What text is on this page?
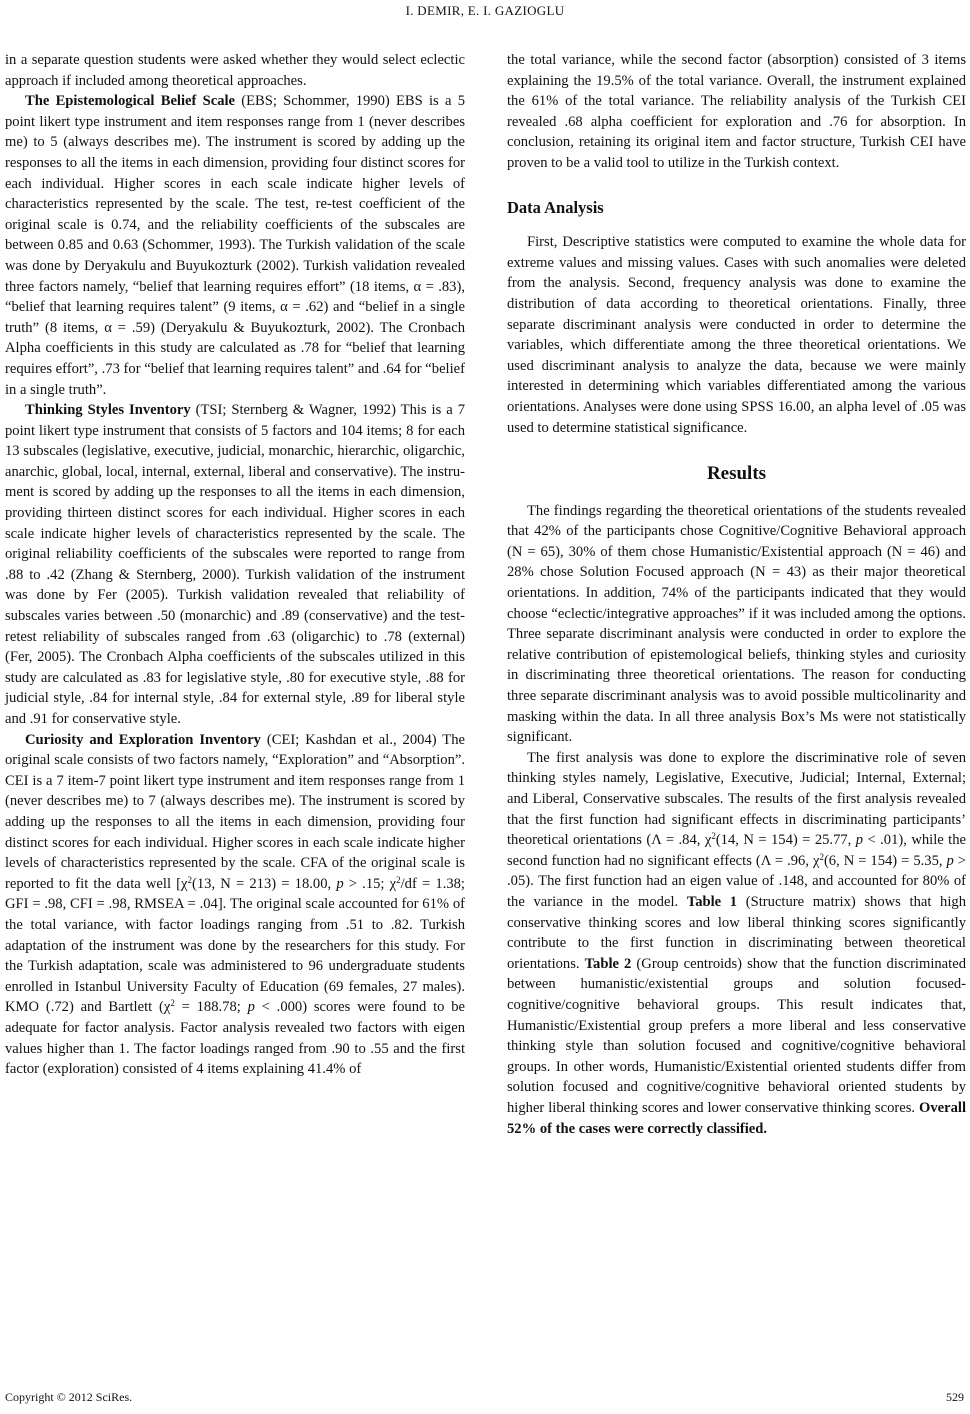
I. DEMIR, E. I. GAZIOGLU

in a separate question students were asked whether they would select eclectic approach if included among theoretical approaches.

The Epistemological Belief Scale (EBS; Schommer, 1990) EBS is a 5 point likert type instrument and item responses range from 1 (never describes me) to 5 (always describes me). The instrument is scored by adding up the responses to all the items in each dimension, providing four distinct scores for each individual. Higher scores in each scale indicate higher levels of characteristics represented by the scale. The test, re-test coefficient of the original scale is 0.74, and the reliability coefficients of the subscales are between 0.85 and 0.63 (Schommer, 1993). The Turkish validation of the scale was done by Deryakulu and Buyukozturk (2002). Turkish validation revealed three factors namely, “belief that learning requires effort” (18 items, α = .83), “belief that learning requires talent” (9 items, α = .62) and “belief in a single truth” (8 items, α = .59) (Deryakulu & Buyukozturk, 2002). The Cronbach Alpha coefficients in this study are calculated as .78 for “belief that learning requires effort”, .73 for “belief that learning requires talent” and .64 for “belief in a single truth”.

Thinking Styles Inventory (TSI; Sternberg & Wagner, 1992) This is a 7 point likert type instrument that consists of 5 factors and 104 items; 8 for each 13 subscales (legislative, executive, judicial, monarchic, hierarchic, oligarchic, anarchic, global, local, internal, external, liberal and conservative). The instrument is scored by adding up the responses to all the items in each dimension, providing thirteen distinct scores for each individual. Higher scores in each scale indicate higher levels of characteristics represented by the scale. The original reliability coefficients of the subscales were reported to range from .88 to .42 (Zhang & Sternberg, 2000). Turkish validation of the instrument was done by Fer (2005). Turkish validation revealed that reliability of subscales varies between .50 (monarchic) and .89 (conservative) and the test-retest reliability of subscales ranged from .63 (oligarchic) to .78 (external) (Fer, 2005). The Cronbach Alpha coefficients of the subscales utilized in this study are calculated as .83 for legislative style, .80 for executive style, .88 for judicial style, .84 for internal style, .84 for external style, .89 for liberal style and .91 for conservative style.

Curiosity and Exploration Inventory (CEI; Kashdan et al., 2004) The original scale consists of two factors namely, “Exploration” and “Absorption”. CEI is a 7 item-7 point likert type instrument and item responses range from 1 (never describes me) to 7 (always describes me). The instrument is scored by adding up the responses to all the items in each dimension, providing four distinct scores for each individual. Higher scores in each scale indicate higher levels of characteristics represented by the scale. CFA of the original scale is reported to fit the data well [$\chi^2(13$, N = 213) = 18.00, p > .15; $\chi^2/df = 1.38$; GFI = .98, CFI = .98, RMSEA = .04]. The original scale accounted for 61% of the total variance, with factor loadings ranging from .51 to .82. Turkish adaptation of the instrument was done by the researchers for this study. For the Turkish adaptation, scale was administered to 96 undergraduate students enrolled in Istanbul University Faculty of Education (69 females, 27 males). KMO (.72) and Bartlett ($\chi^2 = 188.78$; p < .000) scores were found to be adequate for factor analysis. Factor analysis revealed two factors with eigen values higher than 1. The factor loadings ranged from .90 to .55 and the first factor (exploration) consisted of 4 items explaining 41.4% of

the total variance, while the second factor (absorption) consisted of 3 items explaining the 19.5% of the total variance. Overall, the instrument explained the 61% of the total variance. The reliability analysis of the Turkish CEI revealed .68 alpha coefficient for exploration and .76 for absorption. In conclusion, retaining its original item and factor structure, Turkish CEI have proven to be a valid tool to utilize in the Turkish context.

Data Analysis

First, Descriptive statistics were computed to examine the whole data for extreme values and missing values. Cases with such anomalies were deleted from the analysis. Second, frequency analysis was done to examine the distribution of data according to theoretical orientations. Finally, three separate discriminant analysis were conducted in order to determine the variables, which differentiate among the three theoretical orientations. We used discriminant analysis to analyze the data, because we were mainly interested in determining which variables differentiated among the various orientations. Analyses were done using SPSS 16.00, an alpha level of .05 was used to determine statistical significance.

Results

The findings regarding the theoretical orientations of the students revealed that 42% of the participants chose Cognitive/Cognitive Behavioral approach (N = 65), 30% of them chose Humanistic/Existential approach (N = 46) and 28% chose Solution Focused approach (N = 43) as their major theoretical orientations. In addition, 74% of the participants indicated that they would choose “eclectic/integrative approaches” if it was included among the options. Three separate discriminant analysis were conducted in order to explore the relative contribution of epistemological beliefs, thinking styles and curiosity in discriminating three theoretical orientations. The reason for conducting three separate discriminant analysis was to avoid possible multicolinarity and masking within the data. In all three analysis Box’s Ms were not statistically significant.

The first analysis was done to explore the discriminative role of seven thinking styles namely, Legislative, Executive, Judicial; Internal, External; and Liberal, Conservative subscales. The results of the first analysis revealed that the first function had significant effects in discriminating participants’ theoretical orientations (Λ = .84, $\chi^2(14$, N = 154) = 25.77, p < .01), while the second function had no significant effects (Λ = .96, $\chi^2(6$, N = 154) = 5.35, p > .05). The first function had an eigen value of .148, and accounted for 80% of the variance in the model. Table 1 (Structure matrix) shows that high conservative thinking scores and low liberal thinking scores significantly contribute to the first function in discriminating between theoretical orientations. Table 2 (Group centroids) show that the function discriminated between humanistic/existential groups and solution focused-cognitive/cognitive behavioral groups. This result indicates that, Humanistic/Existential group prefers a more liberal and less conservative thinking style than solution focused and cognitive/cognitive behavioral groups. In other words, Humanistic/Existential oriented students differ from solution focused and cognitive/cognitive behavioral oriented students by higher liberal thinking scores and lower conservative thinking scores. Overall 52% of the cases were correctly classified.

Copyright © 2012 SciRes.	529
